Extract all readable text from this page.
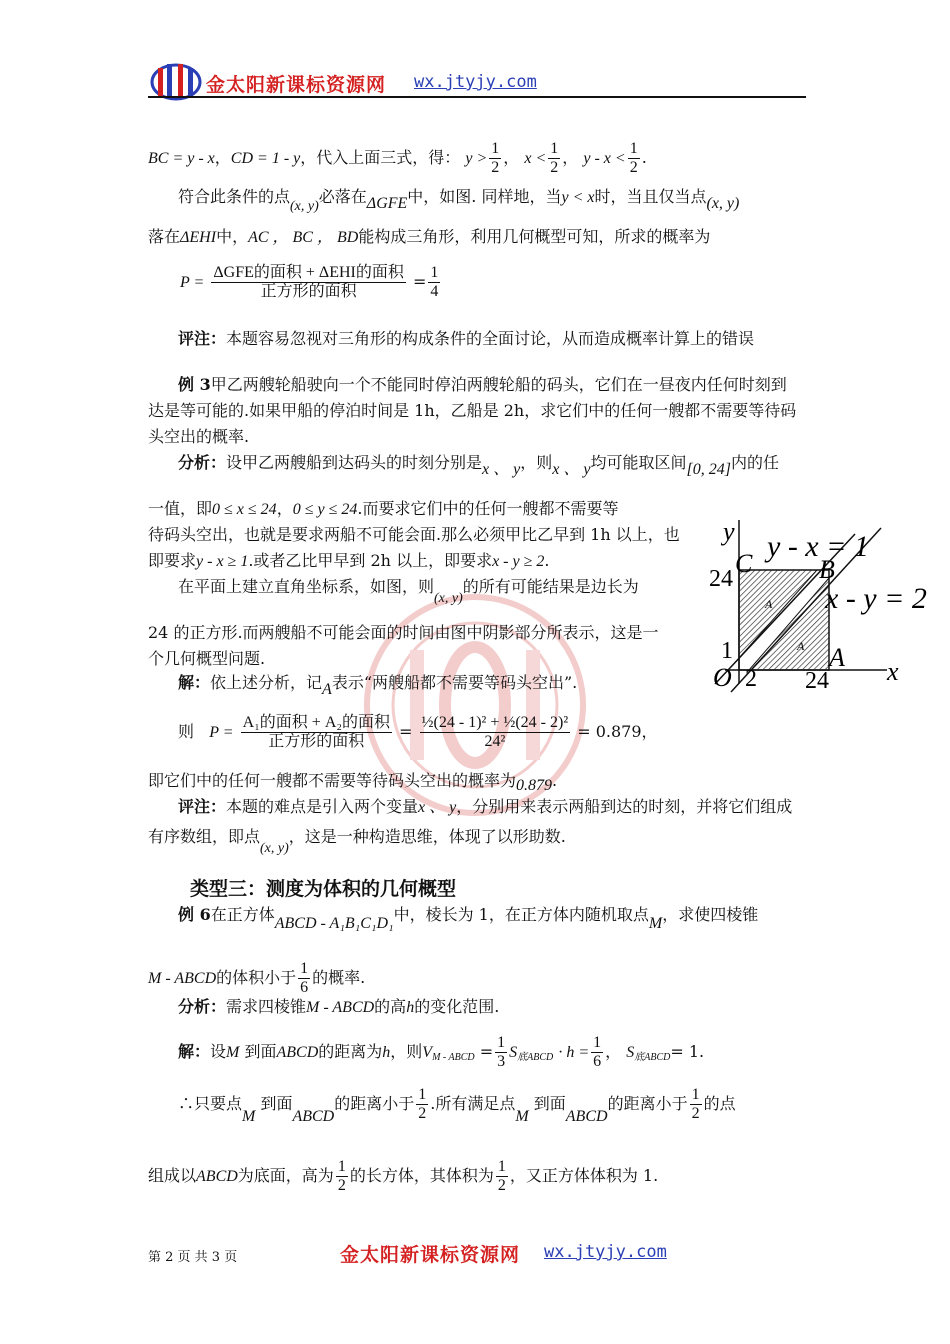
金太阳新课标资源网 wx.jtyjy.com
BC = y - x，CD = 1 - y，代入上面三式，得： $y > \frac{1}{2}$ ， $x < \frac{1}{2}$ ， $y - x < \frac{1}{2}$ .
符合此条件的点(x, y)必落在ΔGFE中，如图. 同样地，当y < x时，当且仅当点(x, y)
落在ΔEHI中，AC ， BC ， BD能构成三角形，利用几何概型可知，所求的概率为
$P = \frac{\text{ΔGFE的面积 + ΔEHI的面积}}{\text{正方形的面积}} = \frac{1}{4}$
评注：本题容易忽视对三角形的构成条件的全面讨论，从而造成概率计算上的错误
例 3甲乙两艘轮船驶向一个不能同时停泊两艘轮船的码头，它们在一昼夜内任何时刻到
达是等可能的.如果甲船的停泊时间是 1h，乙船是 2h，求它们中的任何一艘都不需要等待码
头空出的概率.
分析：设甲乙两艘船到达码头的时刻分别是x 、 y，则x 、 y均可能取区间[0, 24]内的任
一值，即0 ≤ x ≤ 24，0 ≤ y ≤ 24.而要求它们中的任何一艘都不需要等
待码头空出，也就是要求两船不可能会面.那么必须甲比乙早到 1h 以上，也
即要求y - x ≥ 1.或者乙比甲早到 2h 以上，即要求x - y ≥ 2.
在平面上建立直角坐标系，如图，则(x, y)的所有可能结果是边长为
24 的正方形.而两艘船不可能会面的时间由图中阴影部分所表示，这是一
个几何概型问题.
y
x
y - x = 1
x - y = 2
C	B
A
O
24
24
1
2
A
A
解：依上述分析，记A表示“两艘船都不需要等码头空出”.
则 $P = \frac{\text{A₁的面积 + A₂的面积}}{\text{正方形的面积}} = \frac{\text{½(24 - 1)² + ½(24 - 2)²}}{\text{24²}} = 0.879$，
即它们中的任何一艘都不需要等待码头空出的概率为0.879.
评注：本题的难点是引入两个变量x 、 y，分别用来表示两船到达的时刻，并将它们组成
有序数组，即点(x, y)，这是一种构造思维，体现了以形助数.
类型三：测度为体积的几何概型
例 6在正方体ABCD - A₁B₁C₁D₁中，棱长为 1，在正方体内随机取点M，求使四棱锥
M - ABCD的体积小于 $\frac{1}{6}$ 的概率.
分析：需求四棱锥M - ABCD的高h的变化范围.
解：设M 到面ABCD的距离为h，则$V_{M - ABCD} = \frac{1}{3} S_{底ABCD} \cdot h = \frac{1}{6}$ ， $S_{底ABCD}= 1$.
∴只要点M 到面ABCD的距离小于 $\frac{1}{2}$ .所有满足点M 到面ABCD的距离小于 $\frac{1}{2}$ 的点
组成以ABCD为底面，高为 $\frac{1}{2}$ 的长方体，其体积为 $\frac{1}{2}$ ，又正方体体积为 1.
第 2 页 共 3 页	金太阳新课标资源网 wx.jtyjy.com
